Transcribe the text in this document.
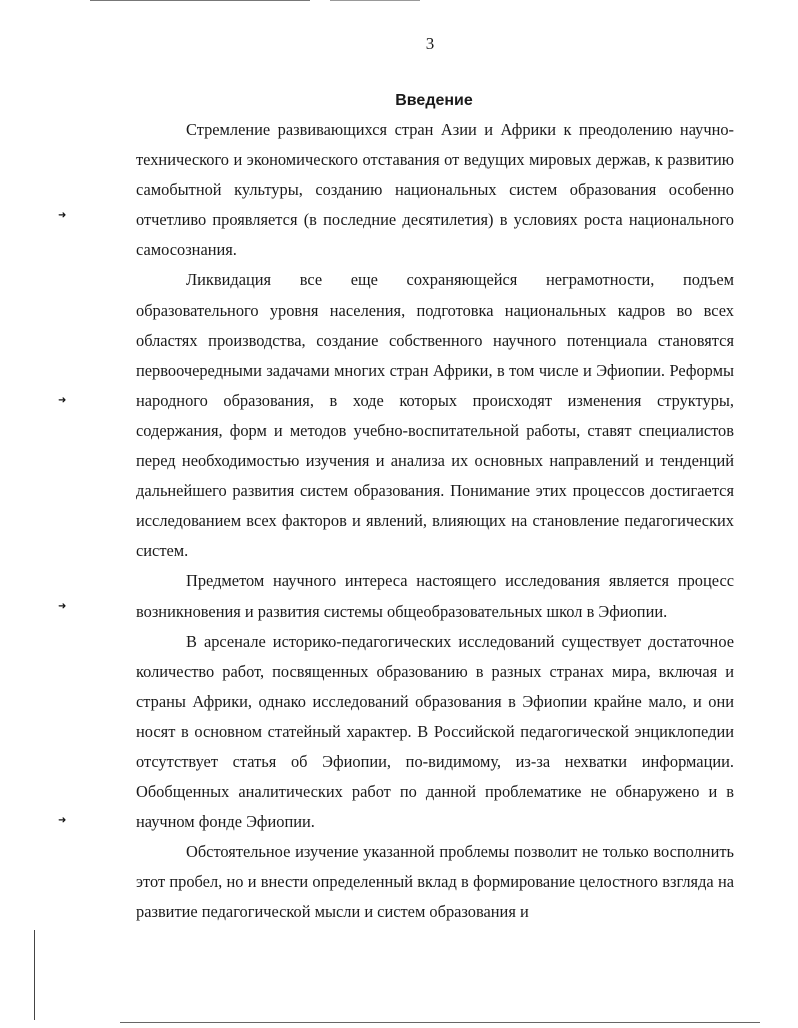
3
Введение

Стремление развивающихся стран Азии и Африки к преодолению научно-технического и экономического отставания от ведущих мировых держав, к развитию самобытной культуры, созданию национальных систем образования особенно отчетливо проявляется (в последние десятилетия) в условиях роста национального самосознания.

Ликвидация все еще сохраняющейся неграмотности, подъем образовательного уровня населения, подготовка национальных кадров во всех областях производства, создание собственного научного потенциала становятся первоочередными задачами многих стран Африки, в том числе и Эфиопии. Реформы народного образования, в ходе которых происходят изменения структуры, содержания, форм и методов учебно-воспитательной работы, ставят специалистов перед необходимостью изучения и анализа их основных направлений и тенденций дальнейшего развития систем образования. Понимание этих процессов достигается исследованием всех факторов и явлений, влияющих на становление педагогических систем.

Предметом научного интереса настоящего исследования является процесс возникновения и развития системы общеобразовательных школ в Эфиопии.

В арсенале историко-педагогических исследований существует достаточное количество работ, посвященных образованию в разных странах мира, включая и страны Африки, однако исследований образования в Эфиопии крайне мало, и они носят в основном статейный характер. В Российской педагогической энциклопедии отсутствует статья об Эфиопии, по-видимому, из-за нехватки информации. Обобщенных аналитических работ по данной проблематике не обнаружено и в научном фонде Эфиопии.

Обстоятельное изучение указанной проблемы позволит не только восполнить этот пробел, но и внести определенный вклад в формирование целостного взгляда на развитие педагогической мысли и систем образования и

➜
➜
➜
➜
